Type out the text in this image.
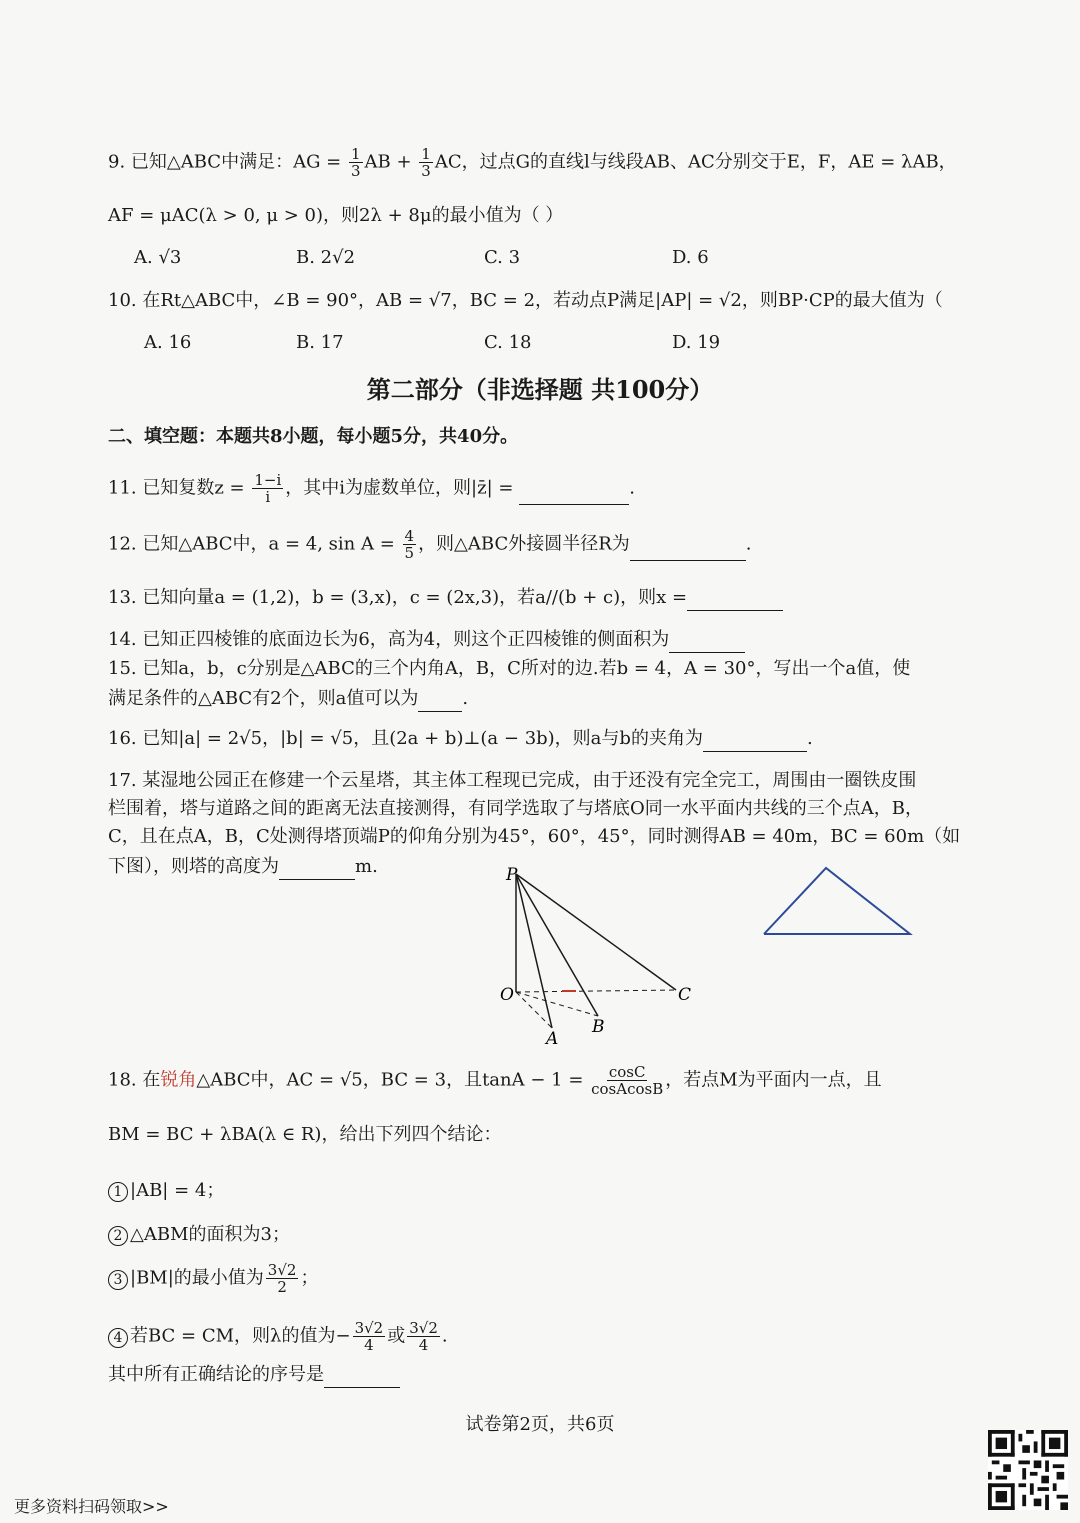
9. 已知△ABC中满足：AG = $\frac{1}{3}$ AB + $\frac{1}{3}$ AC，过点G的直线l与线段AB、AC分别交于E，F，AE = λAB，
AF = μAC(λ > 0, μ > 0)，则2λ + 8μ的最小值为（ ）
A. √3	B. 2√2	C. 3	D. 6
10. 在Rt△ABC中，∠B = 90°，AB = √7，BC = 2，若动点P满足|AP| = √2，则BP·CP的最大值为（
A. 16	B. 17	C. 18	D. 19
第二部分（非选择题 共100分）
二、填空题：本题共8小题，每小题5分，共40分。
11. 已知复数$z = \frac{1-i}{i}$ ，其中i为虚数单位，则|z̄| =	.
12. 已知△ABC中，a = 4, $\sin A = \frac{4}{5}$ ，则△ABC外接圆半径R为	.
13. 已知向量a = (1,2)，b = (3,x)，c = (2x,3)，若a//(b + c)，则x =
14. 已知正四棱锥的底面边长为6，高为4，则这个正四棱锥的侧面积为
15. 已知a，b，c分别是△ABC的三个内角A，B，C所对的边.若b = 4，A = 30°，写出一个a值，使
满足条件的△ABC有2个，则a值可以为 .
16. 已知|a| = 2√5，|b| = √5，且(2a + b)⊥(a − 3b)，则a与b的夹角为	.
17. 某湿地公园正在修建一个云星塔，其主体工程现已完成，由于还没有完全完工，周围由一圈铁皮围
栏围着，塔与道路之间的距离无法直接测得，有同学选取了与塔底O同一水平面内共线的三个点A，B，
C，且在点A，B，C处测得塔顶端P的仰角分别为45°，60°，45°，同时测得AB = 40m，BC = 60m（如
下图），则塔的高度为	m.	P
O
A
B
C
18. 在锐角△ABC中，AC = √5，BC = 3，且$\tan A - 1 = \frac{\cos C}{\text{cosAcosB}}$ ，若点M为平面内一点，且
BM = BC + λBA(λ ∈ R)，给出下列四个结论：
1 |AB| = 4；
2 △ABM的面积为3；
3 |BM|的最小值为 $\frac{3√2}{2}$ ；
4 若BC = CM，则λ的值为− $\frac{3√2}{4}$ 或 $\frac{3√2}{4}$ .
其中所有正确结论的序号是
试卷第2页，共6页
更多资料扫码领取>>
